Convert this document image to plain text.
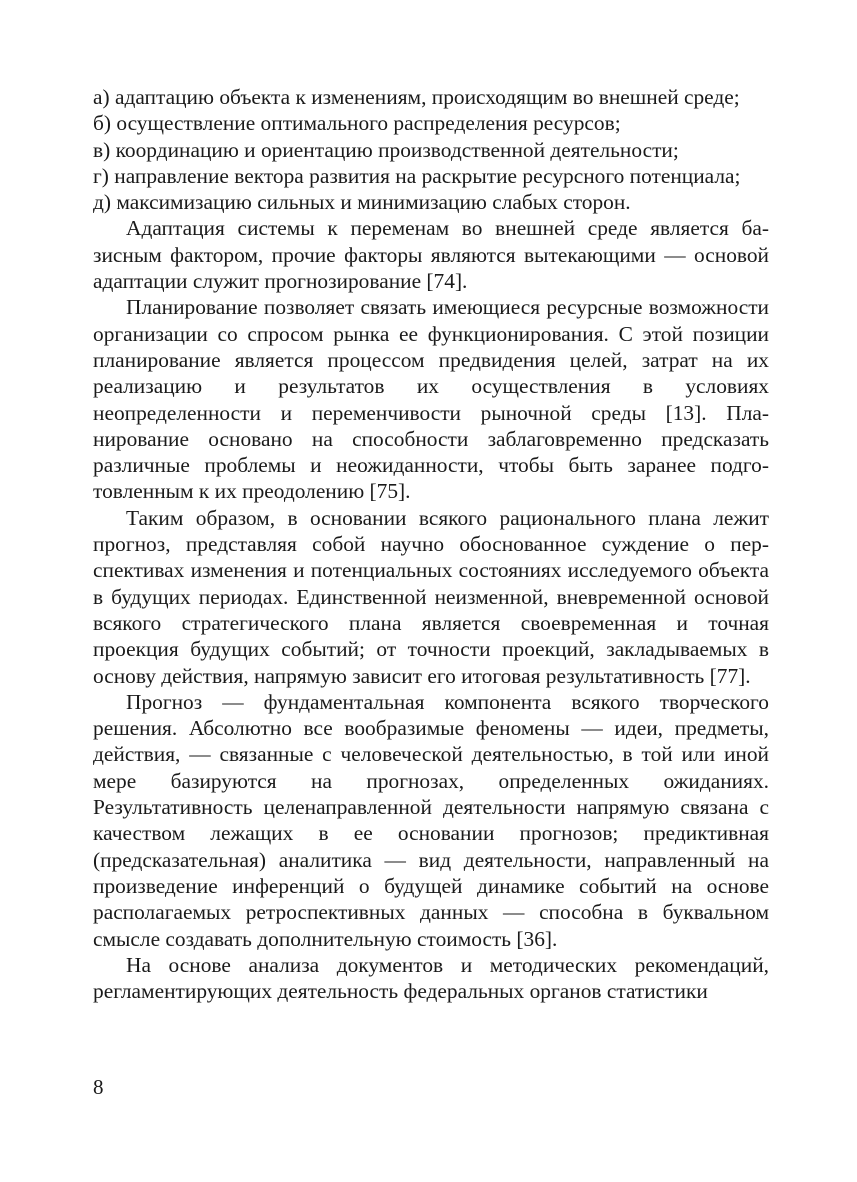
а) адаптацию объекта к изменениям, происходящим во внешней среде;

б) осуществление оптимального распределения ресурсов;

в) координацию и ориентацию производственной деятельности;

г) направление вектора развития на раскрытие ресурсного потенциала;

д) максимизацию сильных и минимизацию слабых сторон.

Адаптация системы к переменам во внешней среде является базисным фактором, прочие факторы являются вытекающими — основой адаптации служит прогнозирование [74].

Планирование позволяет связать имеющиеся ресурсные возможности организации со спросом рынка ее функционирования. С этой позиции планирование является процессом предвидения целей, затрат на их реализацию и результатов их осуществления в условиях неопределенности и переменчивости рыночной среды [13]. Планирование основано на способности заблаговременно предсказать различные проблемы и неожиданности, чтобы быть заранее подготовленным к их преодолению [75].

Таким образом, в основании всякого рационального плана лежит прогноз, представляя собой научно обоснованное суждение о перспективах изменения и потенциальных состояниях исследуемого объекта в будущих периодах. Единственной неизменной, вневременной основой всякого стратегического плана является своевременная и точная проекция будущих событий; от точности проекций, закладываемых в основу действия, напрямую зависит его итоговая результативность [77].

Прогноз — фундаментальная компонента всякого творческого решения. Абсолютно все вообразимые феномены — идеи, предметы, действия, — связанные с человеческой деятельностью, в той или иной мере базируются на прогнозах, определенных ожиданиях. Результативность целенаправленной деятельности напрямую связана с качеством лежащих в ее основании прогнозов; предиктивная (предсказательная) аналитика — вид деятельности, направленный на произведение инференций о будущей динамике событий на основе располагаемых ретроспективных данных — способна в буквальном смысле создавать дополнительную стоимость [36].

На основе анализа документов и методических рекомендаций, регламентирующих деятельность федеральных органов статистики

8
